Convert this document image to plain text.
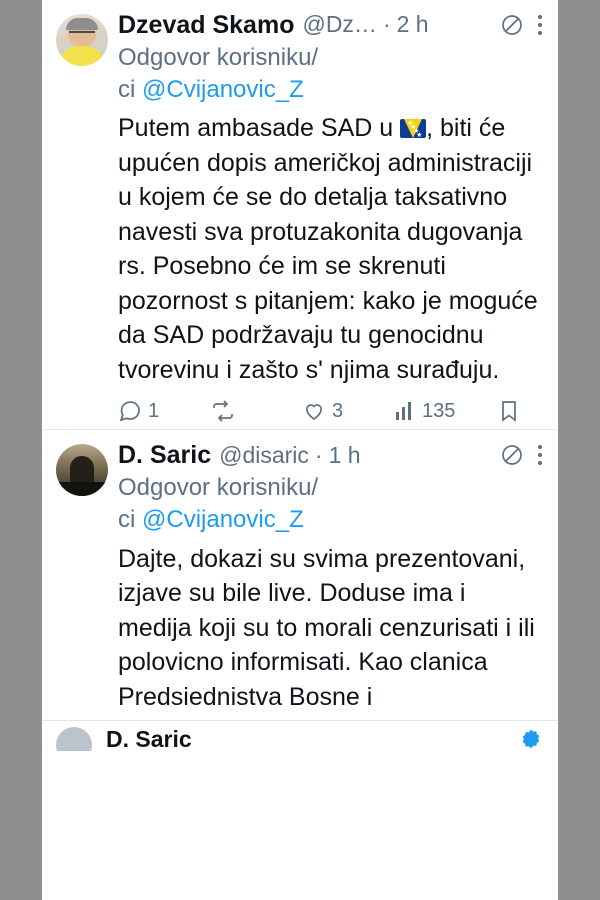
Dzevad Skamo @Dz… · 2 h
Odgovor korisniku/
ci @Cvijanovic_Z
Putem ambasade SAD u ★
★
★
★ , biti će upućen dopis američkoj administraciji u kojem će se do detalja taksativno navesti sva protuzakonita dugovanja rs. Posebno će im se skrenuti pozornost s pitanjem: kako je moguće da SAD podržavaju tu genocidnu tvorevinu i zašto s' njima surađuju.
1	3	135
D. Saric @disaric · 1 h
Odgovor korisniku/
ci @Cvijanovic_Z
Dajte, dokazi su svima prezentovani, izjave su bile live. Doduse ima i medija koji su to morali cenzurisati i ili polovicno informisati. Kao clanica Predsiednistva Bosne i
D. Saric
